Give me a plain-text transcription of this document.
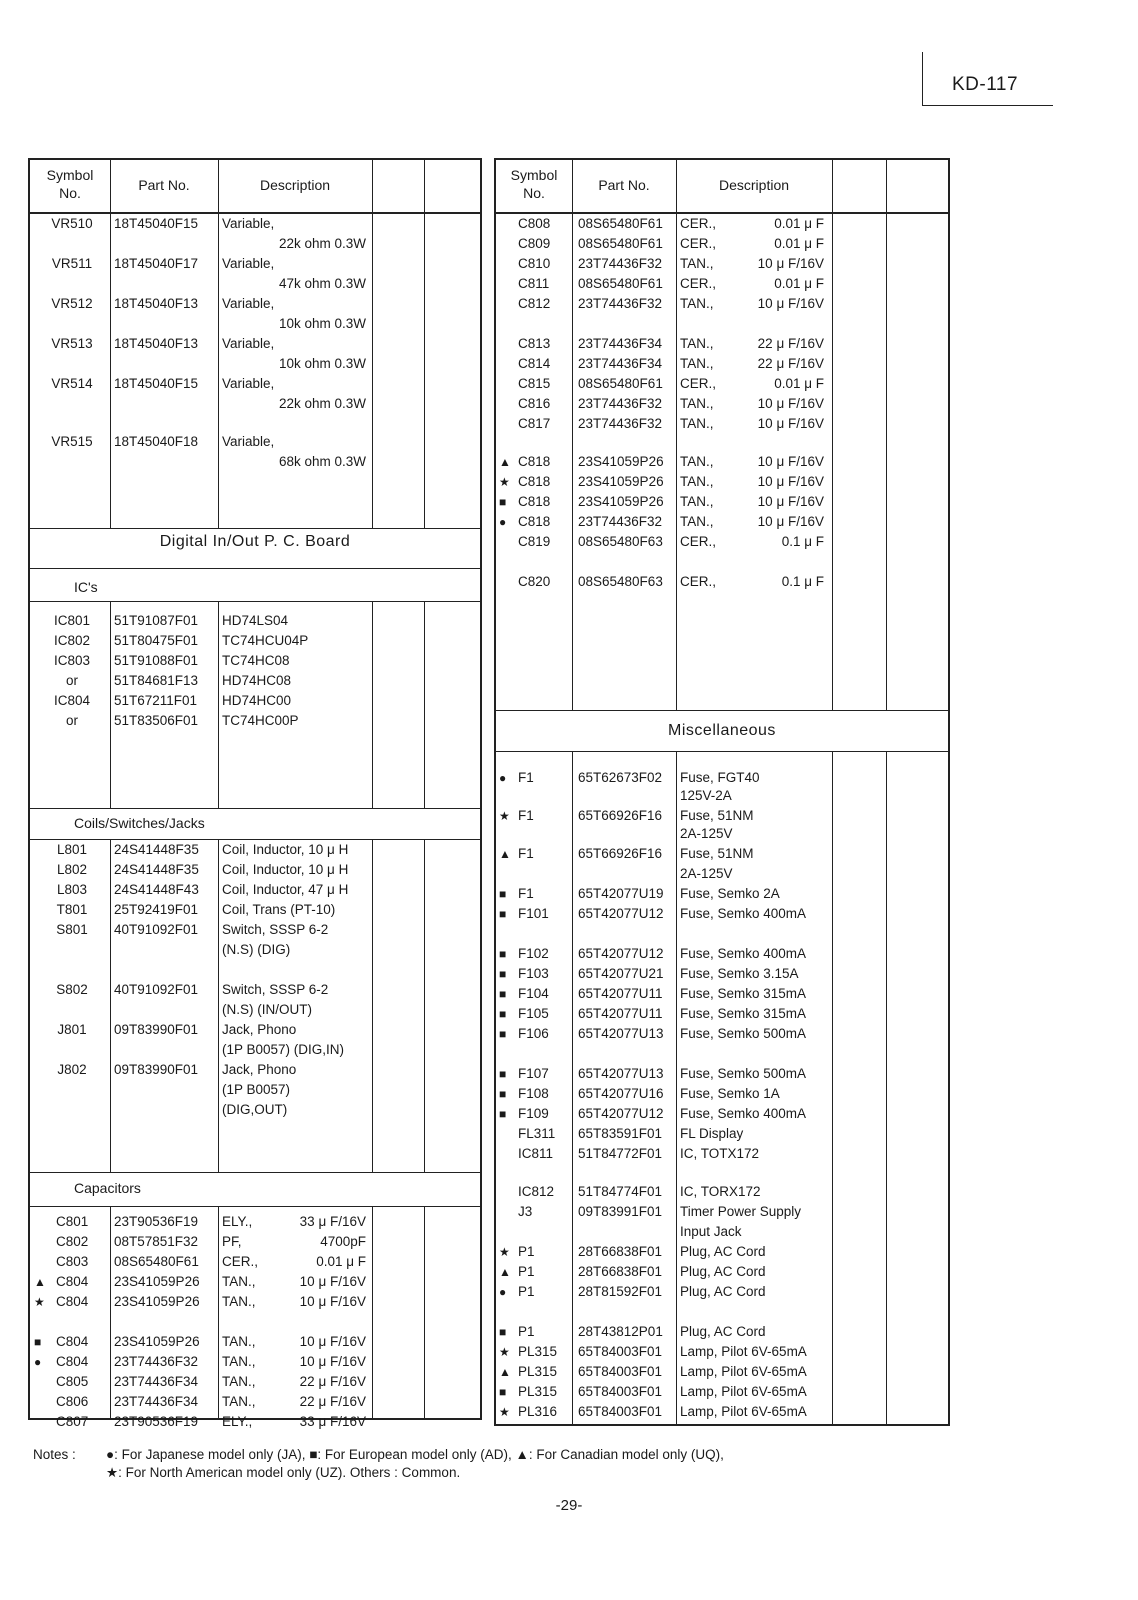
KD-117
Symbol
No.	Part No.	Description
VR510	18T45040F15 Variable,
22k ohm 0.3W
VR511	18T45040F17 Variable,
47k ohm 0.3W
VR512	18T45040F13 Variable,
10k ohm 0.3W
VR513	18T45040F13 Variable,
10k ohm 0.3W
VR514	18T45040F15 Variable,
22k ohm 0.3W
VR515	18T45040F18 Variable,
68k ohm 0.3W
Digital In/Out P. C. Board
IC's
IC801	51T91087F01 HD74LS04
IC802	51T80475F01 TC74HCU04P
IC803	51T91088F01 TC74HC08
or	51T84681F13 HD74HC08
IC804	51T67211F01 HD74HC00
or	51T83506F01 TC74HC00P
Coils/Switches/Jacks
L801	24S41448F35 Coil, Inductor, 10 μ H
L802	24S41448F35 Coil, Inductor, 10 μ H
L803	24S41448F43 Coil, Inductor, 47 μ H
T801	25T92419F01 Coil, Trans (PT-10)
S801	40T91092F01 Switch, SSSP 6-2
(N.S) (DIG)
S802	40T91092F01 Switch, SSSP 6-2
(N.S) (IN/OUT)
J801	09T83990F01 Jack, Phono
(1P B0057) (DIG,IN)
J802	09T83990F01 Jack, Phono
(1P B0057)
(DIG,OUT)
Capacitors
C801 23T90536F19 ELY.,	33 μ F/16V
C802 08T57851F32 PF,	4700pF
C803 08S65480F61 CER.,	0.01 μ F
▲ C804 23S41059P26 TAN.,	10 μ F/16V
★ C804 23S41059P26 TAN.,	10 μ F/16V
■ C804 23S41059P26 TAN.,	10 μ F/16V
● C804 23T74436F32 TAN.,	10 μ F/16V
C805 23T74436F34 TAN.,	22 μ F/16V
C806 23T74436F34 TAN.,	22 μ F/16V
C807 23T90536F19 ELY.,	33 μ F/16V
Symbol
No.	Part No.	Description
C808 08S65480F61 CER.,	0.01 μ F
C809 08S65480F61 CER.,	0.01 μ F
C810 23T74436F32 TAN.,	10 μ F/16V
C811 08S65480F61 CER.,	0.01 μ F
C812 23T74436F32 TAN.,	10 μ F/16V
C813 23T74436F34 TAN.,	22 μ F/16V
C814 23T74436F34 TAN.,	22 μ F/16V
C815 08S65480F61 CER.,	0.01 μ F
C816 23T74436F32 TAN.,	10 μ F/16V
C817 23T74436F32 TAN.,	10 μ F/16V
▲ C818 23S41059P26 TAN.,	10 μ F/16V
★ C818 23S41059P26 TAN.,	10 μ F/16V
■ C818 23S41059P26 TAN.,	10 μ F/16V
● C818 23T74436F32 TAN.,	10 μ F/16V
C819 08S65480F63 CER.,	0.1 μ F
C820 08S65480F63 CER.,	0.1 μ F
Miscellaneous
● F1	65T62673F02 Fuse, FGT40
125V-2A
★ F1	65T66926F16 Fuse, 51NM
2A-125V
▲ F1	65T66926F16 Fuse, 51NM
2A-125V
■ F1	65T42077U19 Fuse, Semko 2A
■ F101 65T42077U12 Fuse, Semko 400mA
■ F102 65T42077U12 Fuse, Semko 400mA
■ F103 65T42077U21 Fuse, Semko 3.15A
■ F104 65T42077U11 Fuse, Semko 315mA
■ F105 65T42077U11 Fuse, Semko 315mA
■ F106 65T42077U13 Fuse, Semko 500mA
■ F107 65T42077U13 Fuse, Semko 500mA
■ F108 65T42077U16 Fuse, Semko 1A
■ F109 65T42077U12 Fuse, Semko 400mA
FL311 65T83591F01 FL Display
IC811 51T84772F01 IC, TOTX172
IC812 51T84774F01 IC, TORX172
J3	09T83991F01 Timer Power Supply
Input Jack
★ P1	28T66838F01 Plug, AC Cord
▲ P1	28T66838F01 Plug, AC Cord
● P1	28T81592F01 Plug, AC Cord
■ P1	28T43812P01 Plug, AC Cord
★ PL315 65T84003F01 Lamp, Pilot 6V-65mA
▲ PL315 65T84003F01 Lamp, Pilot 6V-65mA
■ PL315 65T84003F01 Lamp, Pilot 6V-65mA
★ PL316 65T84003F01 Lamp, Pilot 6V-65mA
Notes : ●: For Japanese model only (JA), ■: For European model only (AD), ▲: For Canadian model only (UQ),
★: For North American model only (UZ). Others : Common.
-29-
